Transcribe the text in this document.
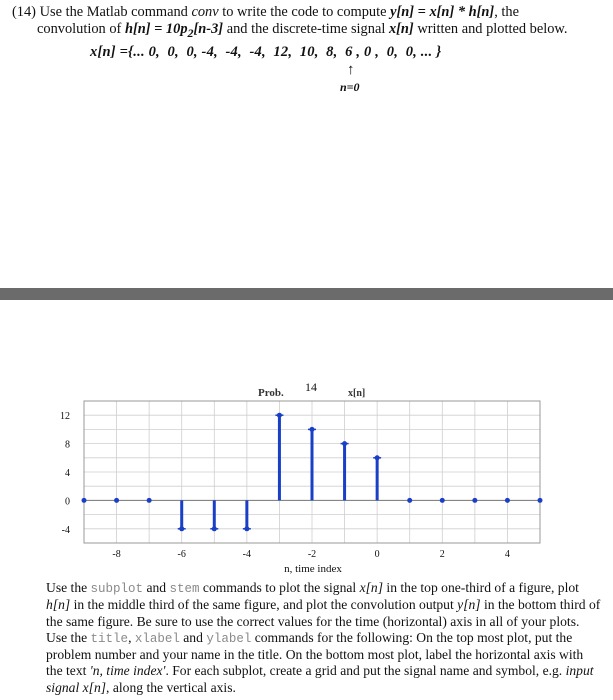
(14) Use the Matlab command conv to write the code to compute y[n] = x[n] * h[n], the
convolution of $h[n] = 10p_2[n-3]$ and the discrete-time signal x[n] written and plotted below.
x[n] ={... 0,  0,  0, -4,  -4,  -4,  12,  10,  8,  6 , 0 ,  0,  0, ... }
↑
n=0
-4
0
4
8
12
-8	-6	-4	-2	0	2	4
Prob. 14	x[n]
n, time index
Use the subplot and stem commands to plot the signal x[n] in the top one-third of a figure, plot h[n] in the middle third of the same figure, and plot the convolution output y[n] in the bottom third of the same figure. Be sure to use the correct values for the time (horizontal) axis in all of your plots. Use the title, xlabel and ylabel commands for the following: On the top most plot, put the problem number and your name in the title. On the bottom most plot, label the horizontal axis with the text 'n, time index'. For each subplot, create a grid and put the signal name and symbol, e.g. input signal x[n], along the vertical axis.
